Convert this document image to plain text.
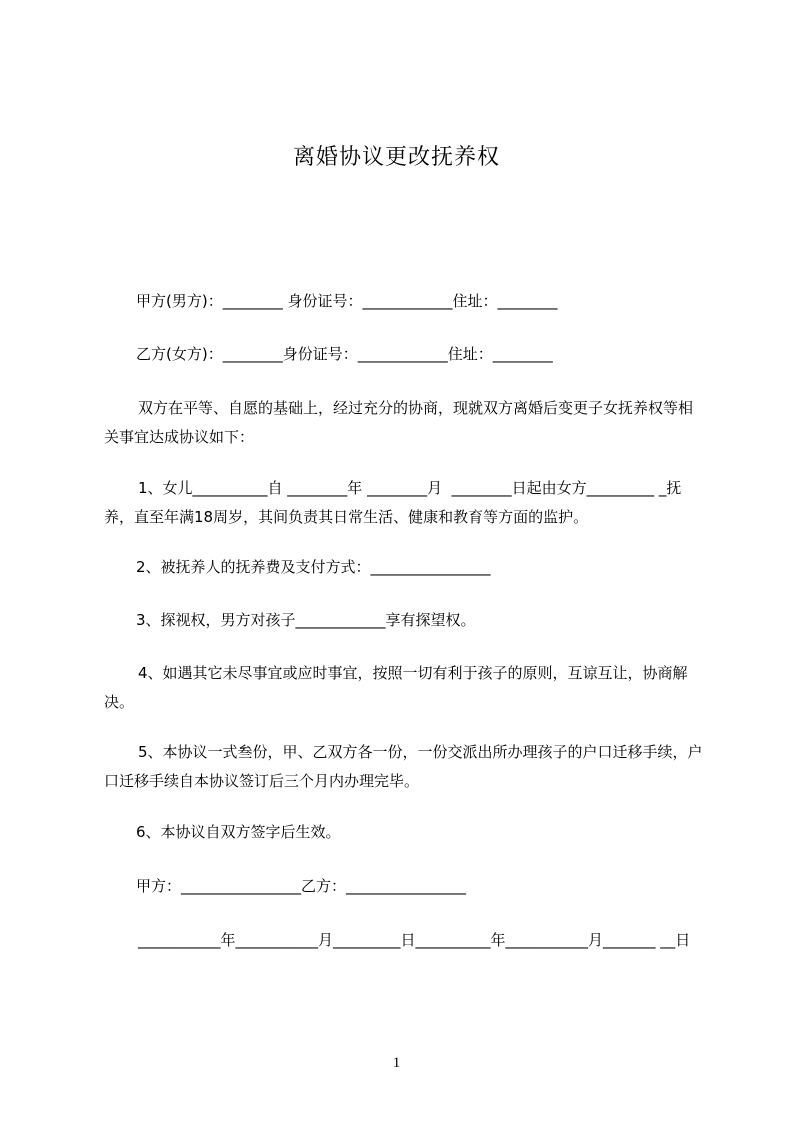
离婚协议更改抚养权
甲方(男方)：________ 身份证号：____________住址：________
乙方(女方)：________身份证号：____________住址：________
双方在平等、自愿的基础上，经过充分的协商，现就双方离婚后变更子女抚养权等相关事宜达成协议如下：
1、女儿__________自 ________年 ________月  ________日起由女方_________ _抚养，直至年满18周岁，其间负责其日常生活、健康和教育等方面的监护。
2、被抚养人的抚养费及支付方式：________________
3、探视权，男方对孩子____________享有探望权。
4、如遇其它未尽事宜或应时事宜，按照一切有利于孩子的原则，互谅互让，协商解决。
5、本协议一式叁份，甲、乙双方各一份，一份交派出所办理孩子的户口迁移手续，户口迁移手续自本协议签订后三个月内办理完毕。
6、本协议自双方签字后生效。
甲方：________________乙方：________________
___________年___________月_________日__________年___________月_______ __日
1
